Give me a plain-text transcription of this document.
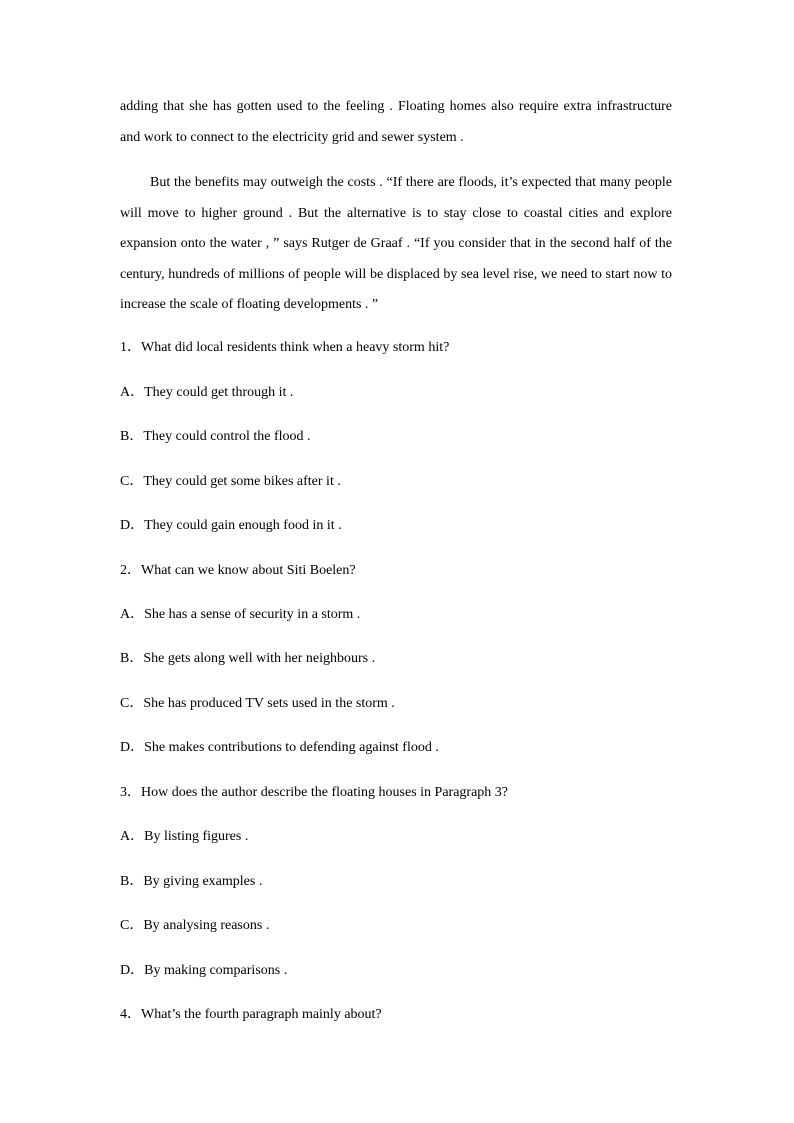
adding that she has gotten used to the feeling . Floating homes also require extra infrastructure and work to connect to the electricity grid and sewer system .

But the benefits may outweigh the costs . “If there are floods, it’s expected that many people will move to higher ground . But the alternative is to stay close to coastal cities and explore expansion onto the water , ” says Rutger de Graaf . “If you consider that in the second half of the century, hundreds of millions of people will be displaced by sea level rise, we need to start now to increase the scale of floating developments . ”

1．What did local residents think when a heavy storm hit?
A．They could get through it .
B．They could control the flood .
C．They could get some bikes after it .
D．They could gain enough food in it .
2．What can we know about Siti Boelen?
A．She has a sense of security in a storm .
B．She gets along well with her neighbours .
C．She has produced TV sets used in the storm .
D．She makes contributions to defending against flood .
3．How does the author describe the floating houses in Paragraph 3?
A．By listing figures .
B．By giving examples .
C．By analysing reasons .
D．By making comparisons .
4．What’s the fourth paragraph mainly about?
